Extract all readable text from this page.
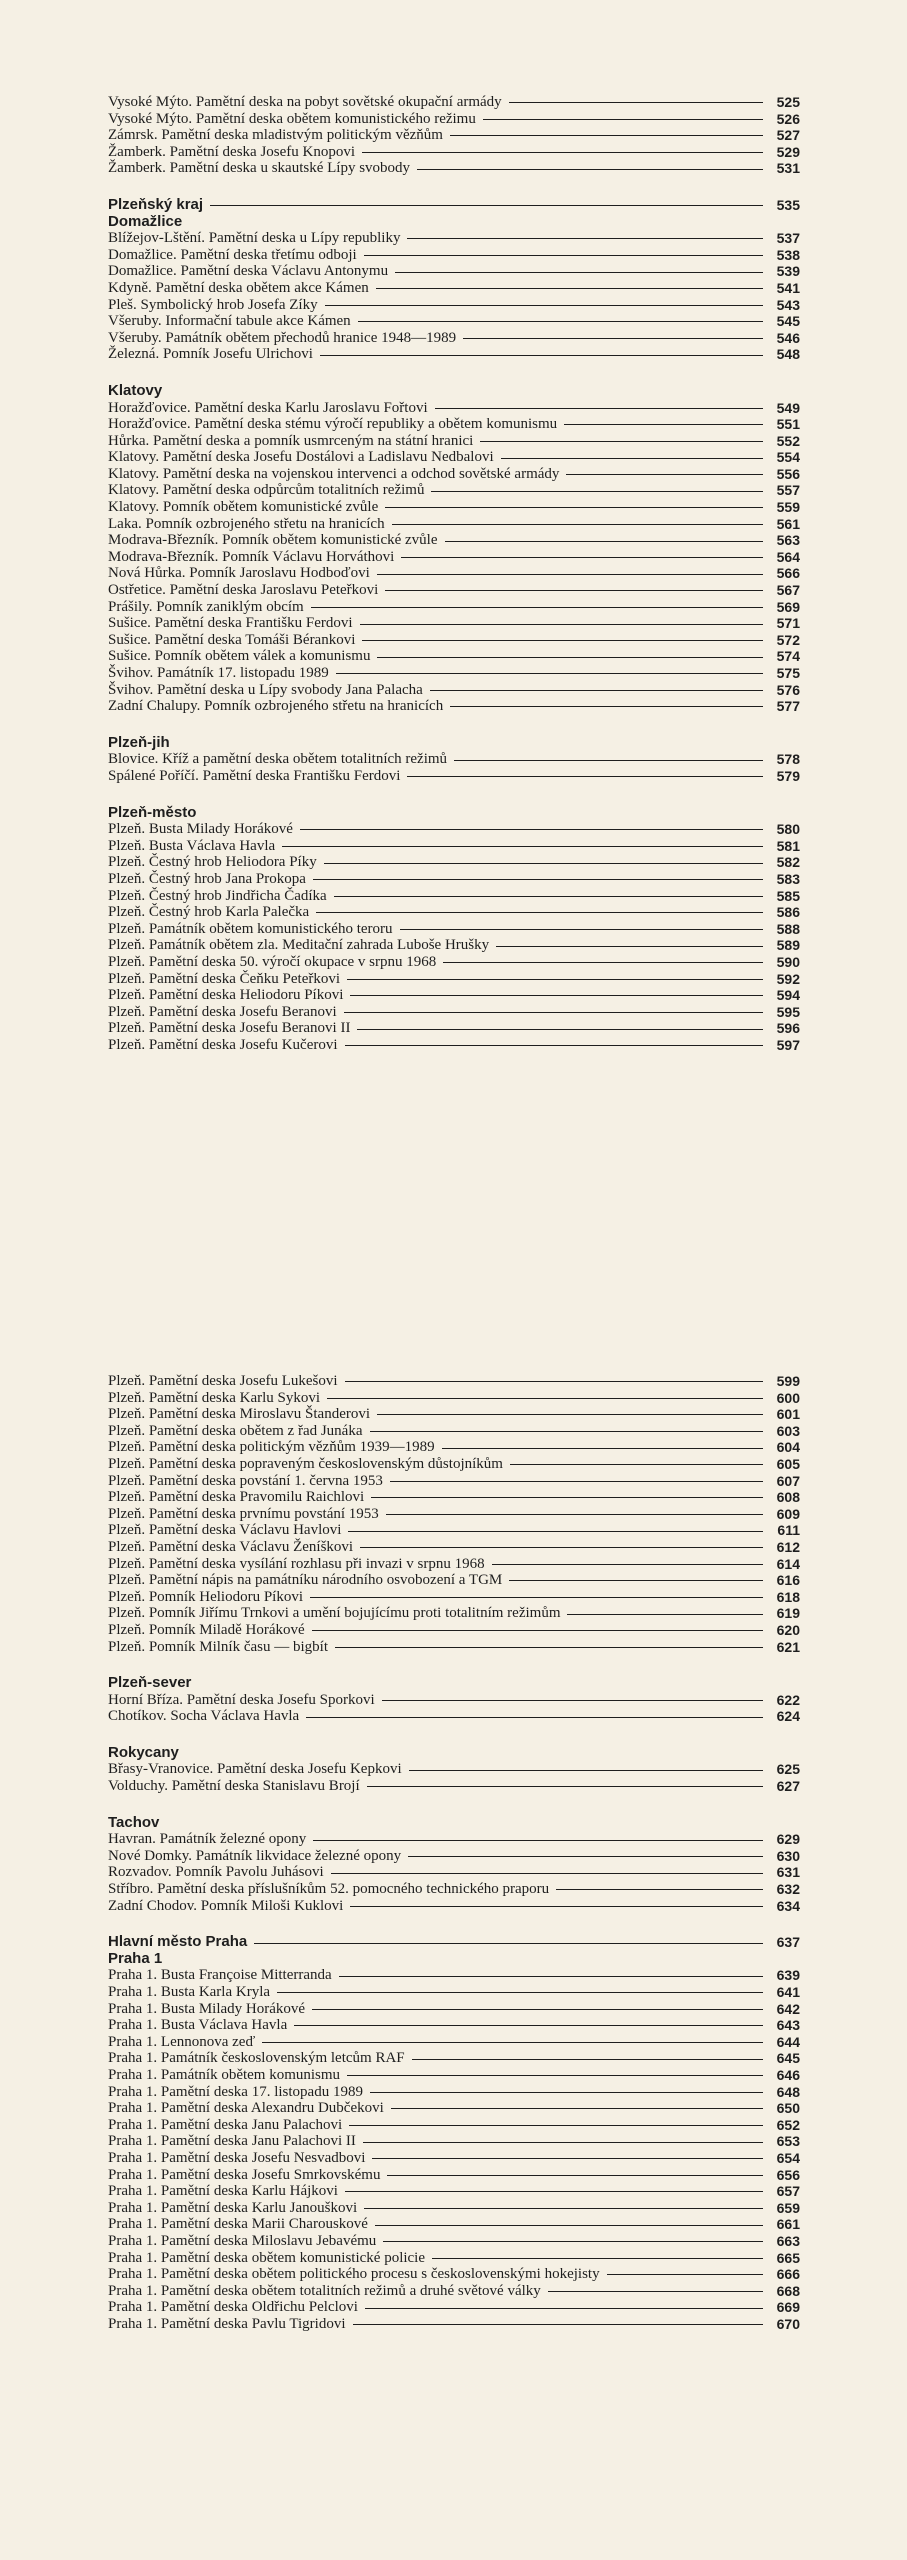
Vysoké Mýto. Pamětní deska na pobyt sovětské okupační armády	525
Vysoké Mýto. Pamětní deska obětem komunistického režimu	526
Zámrsk. Pamětní deska mladistvým politickým vězňům	527
Žamberk. Pamětní deska Josefu Knopovi	529
Žamberk. Pamětní deska u skautské Lípy svobody	531
Plzeňský kraj	535
Domažlice
Blížejov-Lštění. Pamětní deska u Lípy republiky	537
Domažlice. Pamětní deska třetímu odboji	538
Domažlice. Pamětní deska Václavu Antonymu	539
Kdyně. Pamětní deska obětem akce Kámen	541
Pleš. Symbolický hrob Josefa Zíky	543
Všeruby. Informační tabule akce Kámen	545
Všeruby. Památník obětem přechodů hranice 1948—1989	546
Železná. Pomník Josefu Ulrichovi	548
Klatovy
Horažďovice. Pamětní deska Karlu Jaroslavu Fořtovi	549
Horažďovice. Pamětní deska stému výročí republiky a obětem komunismu	551
Hůrka. Pamětní deska a pomník usmrceným na státní hranici	552
Klatovy. Pamětní deska Josefu Dostálovi a Ladislavu Nedbalovi	554
Klatovy. Pamětní deska na vojenskou intervenci a odchod sovětské armády	556
Klatovy. Pamětní deska odpůrcům totalitních režimů	557
Klatovy. Pomník obětem komunistické zvůle	559
Laka. Pomník ozbrojeného střetu na hranicích	561
Modrava-Březník. Pomník obětem komunistické zvůle	563
Modrava-Březník. Pomník Václavu Horváthovi	564
Nová Hůrka. Pomník Jaroslavu Hodboďovi	566
Ostřetice. Pamětní deska Jaroslavu Peteřkovi	567
Prášily. Pomník zaniklým obcím	569
Sušice. Pamětní deska Františku Ferdovi	571
Sušice. Pamětní deska Tomáši Bérankovi	572
Sušice. Pomník obětem válek a komunismu	574
Švihov. Památník 17. listopadu 1989	575
Švihov. Pamětní deska u Lípy svobody Jana Palacha	576
Zadní Chalupy. Pomník ozbrojeného střetu na hranicích	577
Plzeň-jih
Blovice. Kříž a pamětní deska obětem totalitních režimů	578
Spálené Poříčí. Pamětní deska Františku Ferdovi	579
Plzeň-město
Plzeň. Busta Milady Horákové	580
Plzeň. Busta Václava Havla	581
Plzeň. Čestný hrob Heliodora Píky	582
Plzeň. Čestný hrob Jana Prokopa	583
Plzeň. Čestný hrob Jindřicha Čadíka	585
Plzeň. Čestný hrob Karla Palečka	586
Plzeň. Památník obětem komunistického teroru	588
Plzeň. Památník obětem zla. Meditační zahrada Luboše Hrušky	589
Plzeň. Pamětní deska 50. výročí okupace v srpnu 1968	590
Plzeň. Pamětní deska Čeňku Peteřkovi	592
Plzeň. Pamětní deska Heliodoru Píkovi	594
Plzeň. Pamětní deska Josefu Beranovi	595
Plzeň. Pamětní deska Josefu Beranovi II	596
Plzeň. Pamětní deska Josefu Kučerovi	597
Plzeň. Pamětní deska Josefu Lukešovi	599
Plzeň. Pamětní deska Karlu Sykovi	600
Plzeň. Pamětní deska Miroslavu Štanderovi	601
Plzeň. Pamětní deska obětem z řad Junáka	603
Plzeň. Pamětní deska politickým vězňům 1939—1989	604
Plzeň. Pamětní deska popraveným československým důstojníkům	605
Plzeň. Pamětní deska povstání 1. června 1953	607
Plzeň. Pamětní deska Pravomilu Raichlovi	608
Plzeň. Pamětní deska prvnímu povstání 1953	609
Plzeň. Pamětní deska Václavu Havlovi	611
Plzeň. Pamětní deska Václavu Ženíškovi	612
Plzeň. Pamětní deska vysílání rozhlasu při invazi v srpnu 1968	614
Plzeň. Pamětní nápis na památníku národního osvobození a TGM	616
Plzeň. Pomník Heliodoru Píkovi	618
Plzeň. Pomník Jiřímu Trnkovi a umění bojujícímu proti totalitním režimům	619
Plzeň. Pomník Miladě Horákové	620
Plzeň. Pomník Milník času — bigbít	621
Plzeň-sever
Horní Bříza. Pamětní deska Josefu Sporkovi	622
Chotíkov. Socha Václava Havla	624
Rokycany
Břasy-Vranovice. Pamětní deska Josefu Kepkovi	625
Volduchy. Pamětní deska Stanislavu Brojí	627
Tachov
Havran. Památník železné opony	629
Nové Domky. Památník likvidace železné opony	630
Rozvadov. Pomník Pavolu Juhásovi	631
Stříbro. Pamětní deska příslušníkům 52. pomocného technického praporu	632
Zadní Chodov. Pomník Miloši Kuklovi	634
Hlavní město Praha	637
Praha 1
Praha 1. Busta Françoise Mitterranda	639
Praha 1. Busta Karla Kryla	641
Praha 1. Busta Milady Horákové	642
Praha 1. Busta Václava Havla	643
Praha 1. Lennonova zeď	644
Praha 1. Památník československým letcům RAF	645
Praha 1. Památník obětem komunismu	646
Praha 1. Pamětní deska 17. listopadu 1989	648
Praha 1. Pamětní deska Alexandru Dubčekovi	650
Praha 1. Pamětní deska Janu Palachovi	652
Praha 1. Pamětní deska Janu Palachovi II	653
Praha 1. Pamětní deska Josefu Nesvadbovi	654
Praha 1. Pamětní deska Josefu Smrkovskému	656
Praha 1. Pamětní deska Karlu Hájkovi	657
Praha 1. Pamětní deska Karlu Janouškovi	659
Praha 1. Pamětní deska Marii Charouskové	661
Praha 1. Pamětní deska Miloslavu Jebavému	663
Praha 1. Pamětní deska obětem komunistické policie	665
Praha 1. Pamětní deska obětem politického procesu s československými hokejisty	666
Praha 1. Pamětní deska obětem totalitních režimů a druhé světové války	668
Praha 1. Pamětní deska Oldřichu Pelclovi	669
Praha 1. Pamětní deska Pavlu Tigridovi	670
